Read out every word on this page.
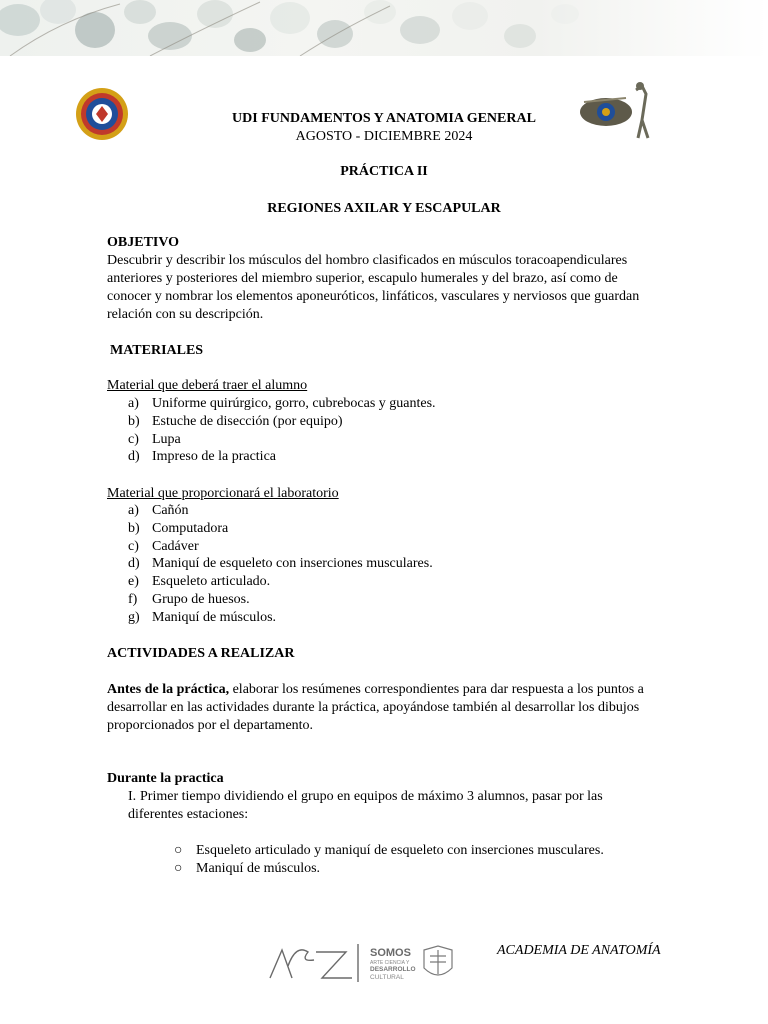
UDI FUNDAMENTOS Y ANATOMIA GENERAL
AGOSTO - DICIEMBRE 2024
PRÁCTICA II
REGIONES AXILAR Y ESCAPULAR
OBJETIVO
Descubrir y describir los músculos del hombro clasificados en músculos toracoapendiculares anteriores y posteriores del miembro superior, escapulo humerales y del brazo, así como de conocer y nombrar los elementos aponeuróticos, linfáticos, vasculares y nerviosos que guardan relación con su descripción.
MATERIALES
Material que deberá traer el alumno
a) Uniforme quirúrgico, gorro, cubrebocas y guantes.
b) Estuche de disección (por equipo)
c) Lupa
d) Impreso de la practica
Material que proporcionará el laboratorio
a) Cañón
b) Computadora
c) Cadáver
d) Maniquí de esqueleto con inserciones musculares.
e) Esqueleto articulado.
f) Grupo de huesos.
g) Maniquí de músculos.
ACTIVIDADES A REALIZAR
Antes de la práctica, elaborar los resúmenes correspondientes para dar respuesta a los puntos a desarrollar en las actividades durante la práctica, apoyándose también al desarrollar los dibujos proporcionados por el departamento.
Durante la practica
I. Primer tiempo dividiendo el grupo en equipos de máximo 3 alumnos, pasar por las diferentes estaciones:
○ Esqueleto articulado y maniquí de esqueleto con inserciones musculares.
○ Maniquí de músculos.
SOMOS
ARTE CIENCIA Y
DESARROLLO
CULTURAL
ACADEMIA DE ANATOMÍA
